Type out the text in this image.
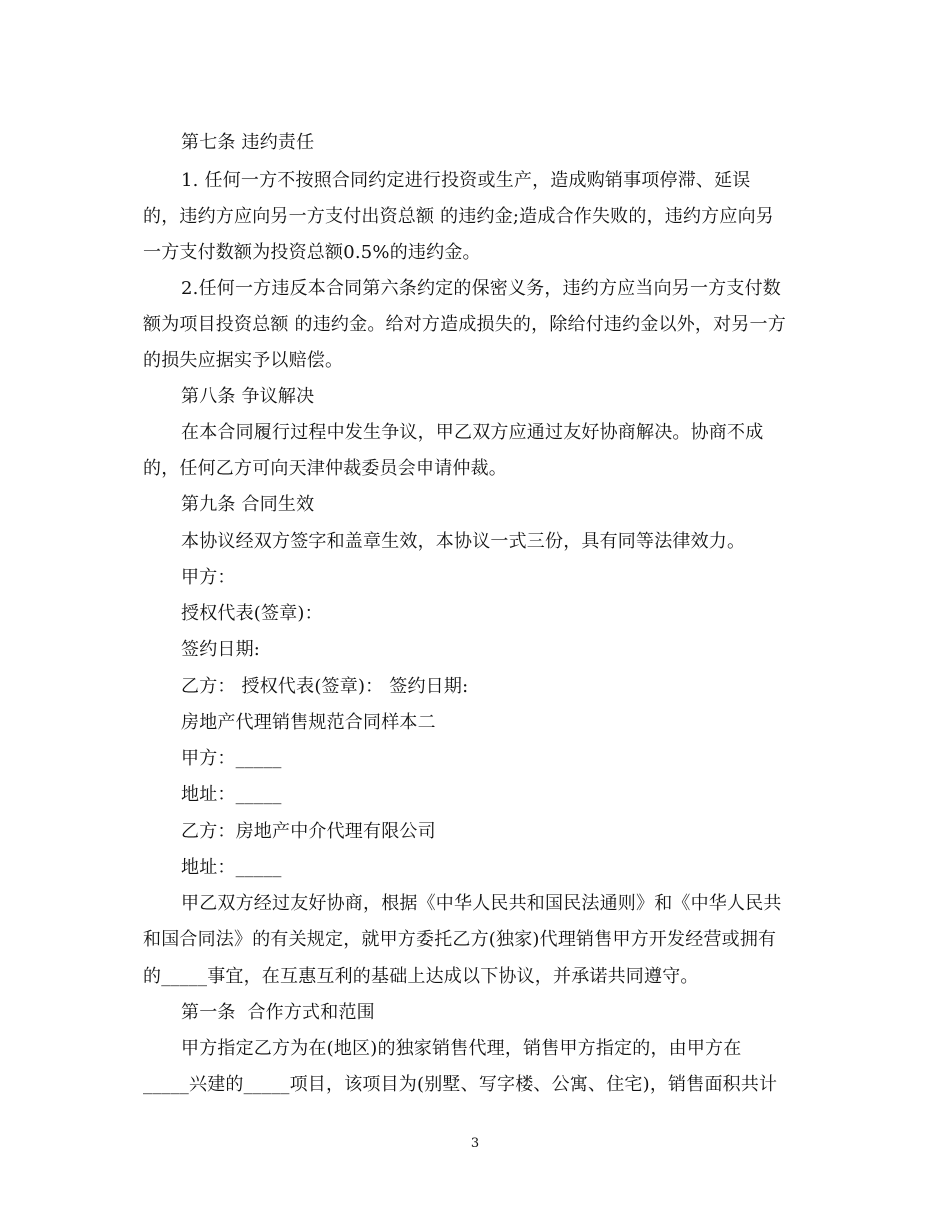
第七条 违约责任
1. 任何一方不按照合同约定进行投资或生产，造成购销事项停滞、延误
的，违约方应向另一方支付出资总额 的违约金;造成合作失败的，违约方应向另
一方支付数额为投资总额0.5%的违约金。
2.任何一方违反本合同第六条约定的保密义务，违约方应当向另一方支付数
额为项目投资总额 的违约金。给对方造成损失的，除给付违约金以外，对另一方
的损失应据实予以赔偿。
第八条 争议解决
在本合同履行过程中发生争议，甲乙双方应通过友好协商解决。协商不成
的，任何乙方可向天津仲裁委员会申请仲裁。
第九条 合同生效
本协议经双方签字和盖章生效，本协议一式三份，具有同等法律效力。
甲方：
授权代表(签章)：
签约日期:
乙方： 授权代表(签章)： 签约日期:
房地产代理销售规范合同样本二
甲方：_____
地址：_____
乙方：房地产中介代理有限公司
地址：_____
甲乙双方经过友好协商，根据《中华人民共和国民法通则》和《中华人民共
和国合同法》的有关规定，就甲方委托乙方(独家)代理销售甲方开发经营或拥有
的_____事宜，在互惠互利的基础上达成以下协议，并承诺共同遵守。
第一条  合作方式和范围
甲方指定乙方为在(地区)的独家销售代理，销售甲方指定的，由甲方在
_____兴建的_____项目，该项目为(别墅、写字楼、公寓、住宅)，销售面积共计
3
